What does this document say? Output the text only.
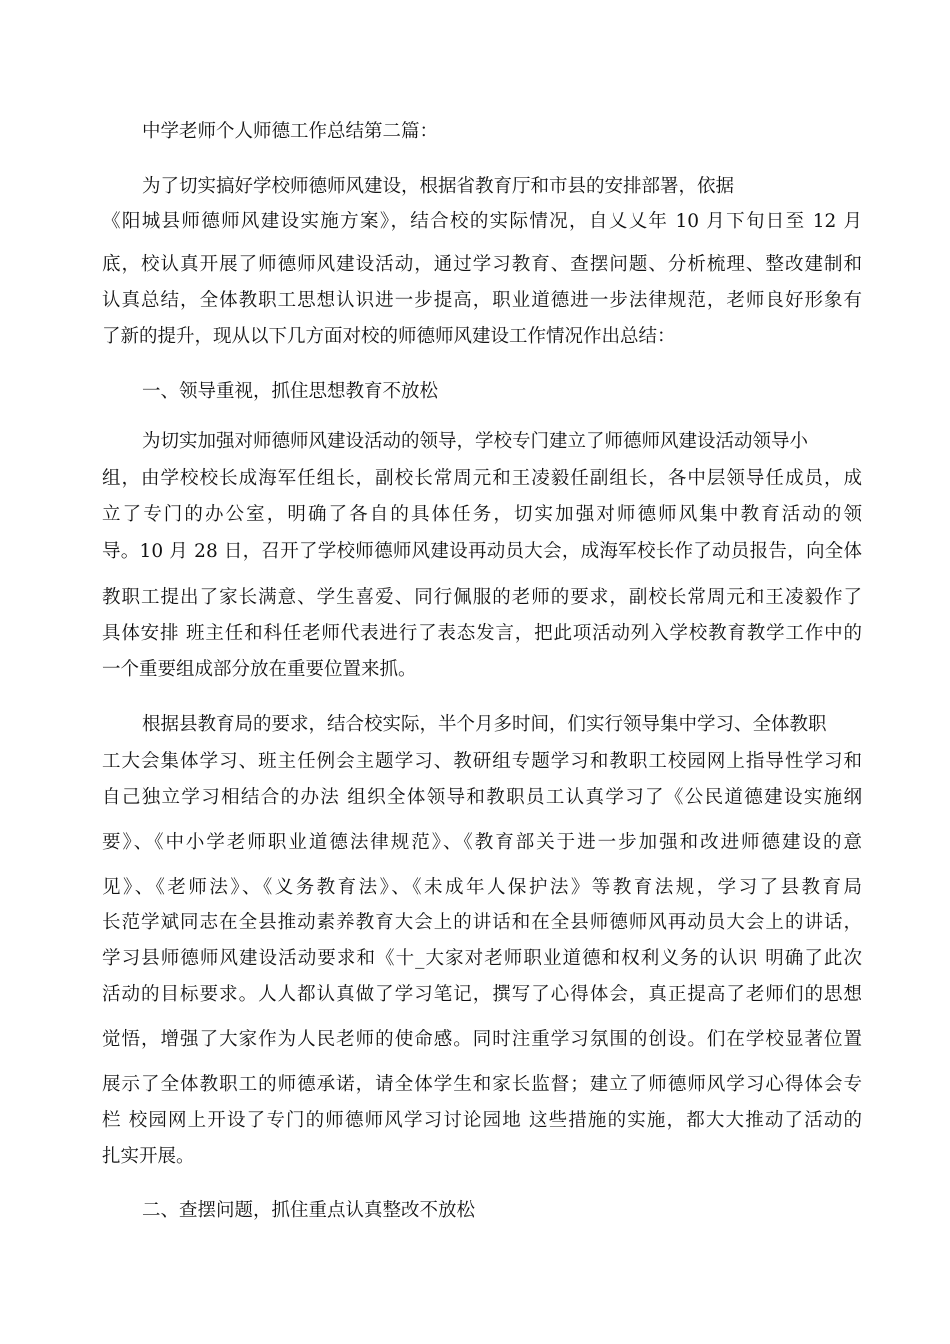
中学老师个人师德工作总结第二篇：
为了切实搞好学校师德师风建设，根据省教育厅和市县的安排部署，依据
《阳城县师德师风建设实施方案》，结合校的实际情况，自乂乂年 10 月下旬日至 12 月
底，校认真开展了师德师风建设活动，通过学习教育、查摆问题、分析梳理、整改建制和
认真总结，全体教职工思想认识进一步提高，职业道德进一步法律规范，老师良好形象有
了新的提升，现从以下几方面对校的师德师风建设工作情况作出总结：
一、领导重视，抓住思想教育不放松
为切实加强对师德师风建设活动的领导，学校专门建立了师德师风建设活动领导小
组，由学校校长成海军任组长，副校长常周元和王凌毅任副组长，各中层领导任成员，成
立了专门的办公室，明确了各自的具体任务，切实加强对师德师风集中教育活动的领
导。10 月 28 日，召开了学校师德师风建设再动员大会，成海军校长作了动员报告，向全体
教职工提出了家长满意、学生喜爱、同行佩服的老师的要求，副校长常周元和王凌毅作了
具体安排 班主任和科任老师代表进行了表态发言，把此项活动列入学校教育教学工作中的
一个重要组成部分放在重要位置来抓。
根据县教育局的要求，结合校实际，半个月多时间，们实行领导集中学习、全体教职
工大会集体学习、班主任例会主题学习、教研组专题学习和教职工校园网上指导性学习和
自己独立学习相结合的办法 组织全体领导和教职员工认真学习了《公民道德建设实施纲
要》、《中小学老师职业道德法律规范》、《教育部关于进一步加强和改进师德建设的意
见》、《老师法》、《义务教育法》、《未成年人保护法》等教育法规，学习了县教育局
长范学斌同志在全县推动素养教育大会上的讲话和在全县师德师风再动员大会上的讲话，
学习县师德师风建设活动要求和《十_大家对老师职业道德和权利义务的认识 明确了此次
活动的目标要求。人人都认真做了学习笔记，撰写了心得体会，真正提高了老师们的思想
觉悟，增强了大家作为人民老师的使命感。同时注重学习氛围的创设。们在学校显著位置
展示了全体教职工的师德承诺，请全体学生和家长监督；建立了师德师风学习心得体会专
栏 校园网上开设了专门的师德师风学习讨论园地 这些措施的实施，都大大推动了活动的
扎实开展。
二、查摆问题，抓住重点认真整改不放松
